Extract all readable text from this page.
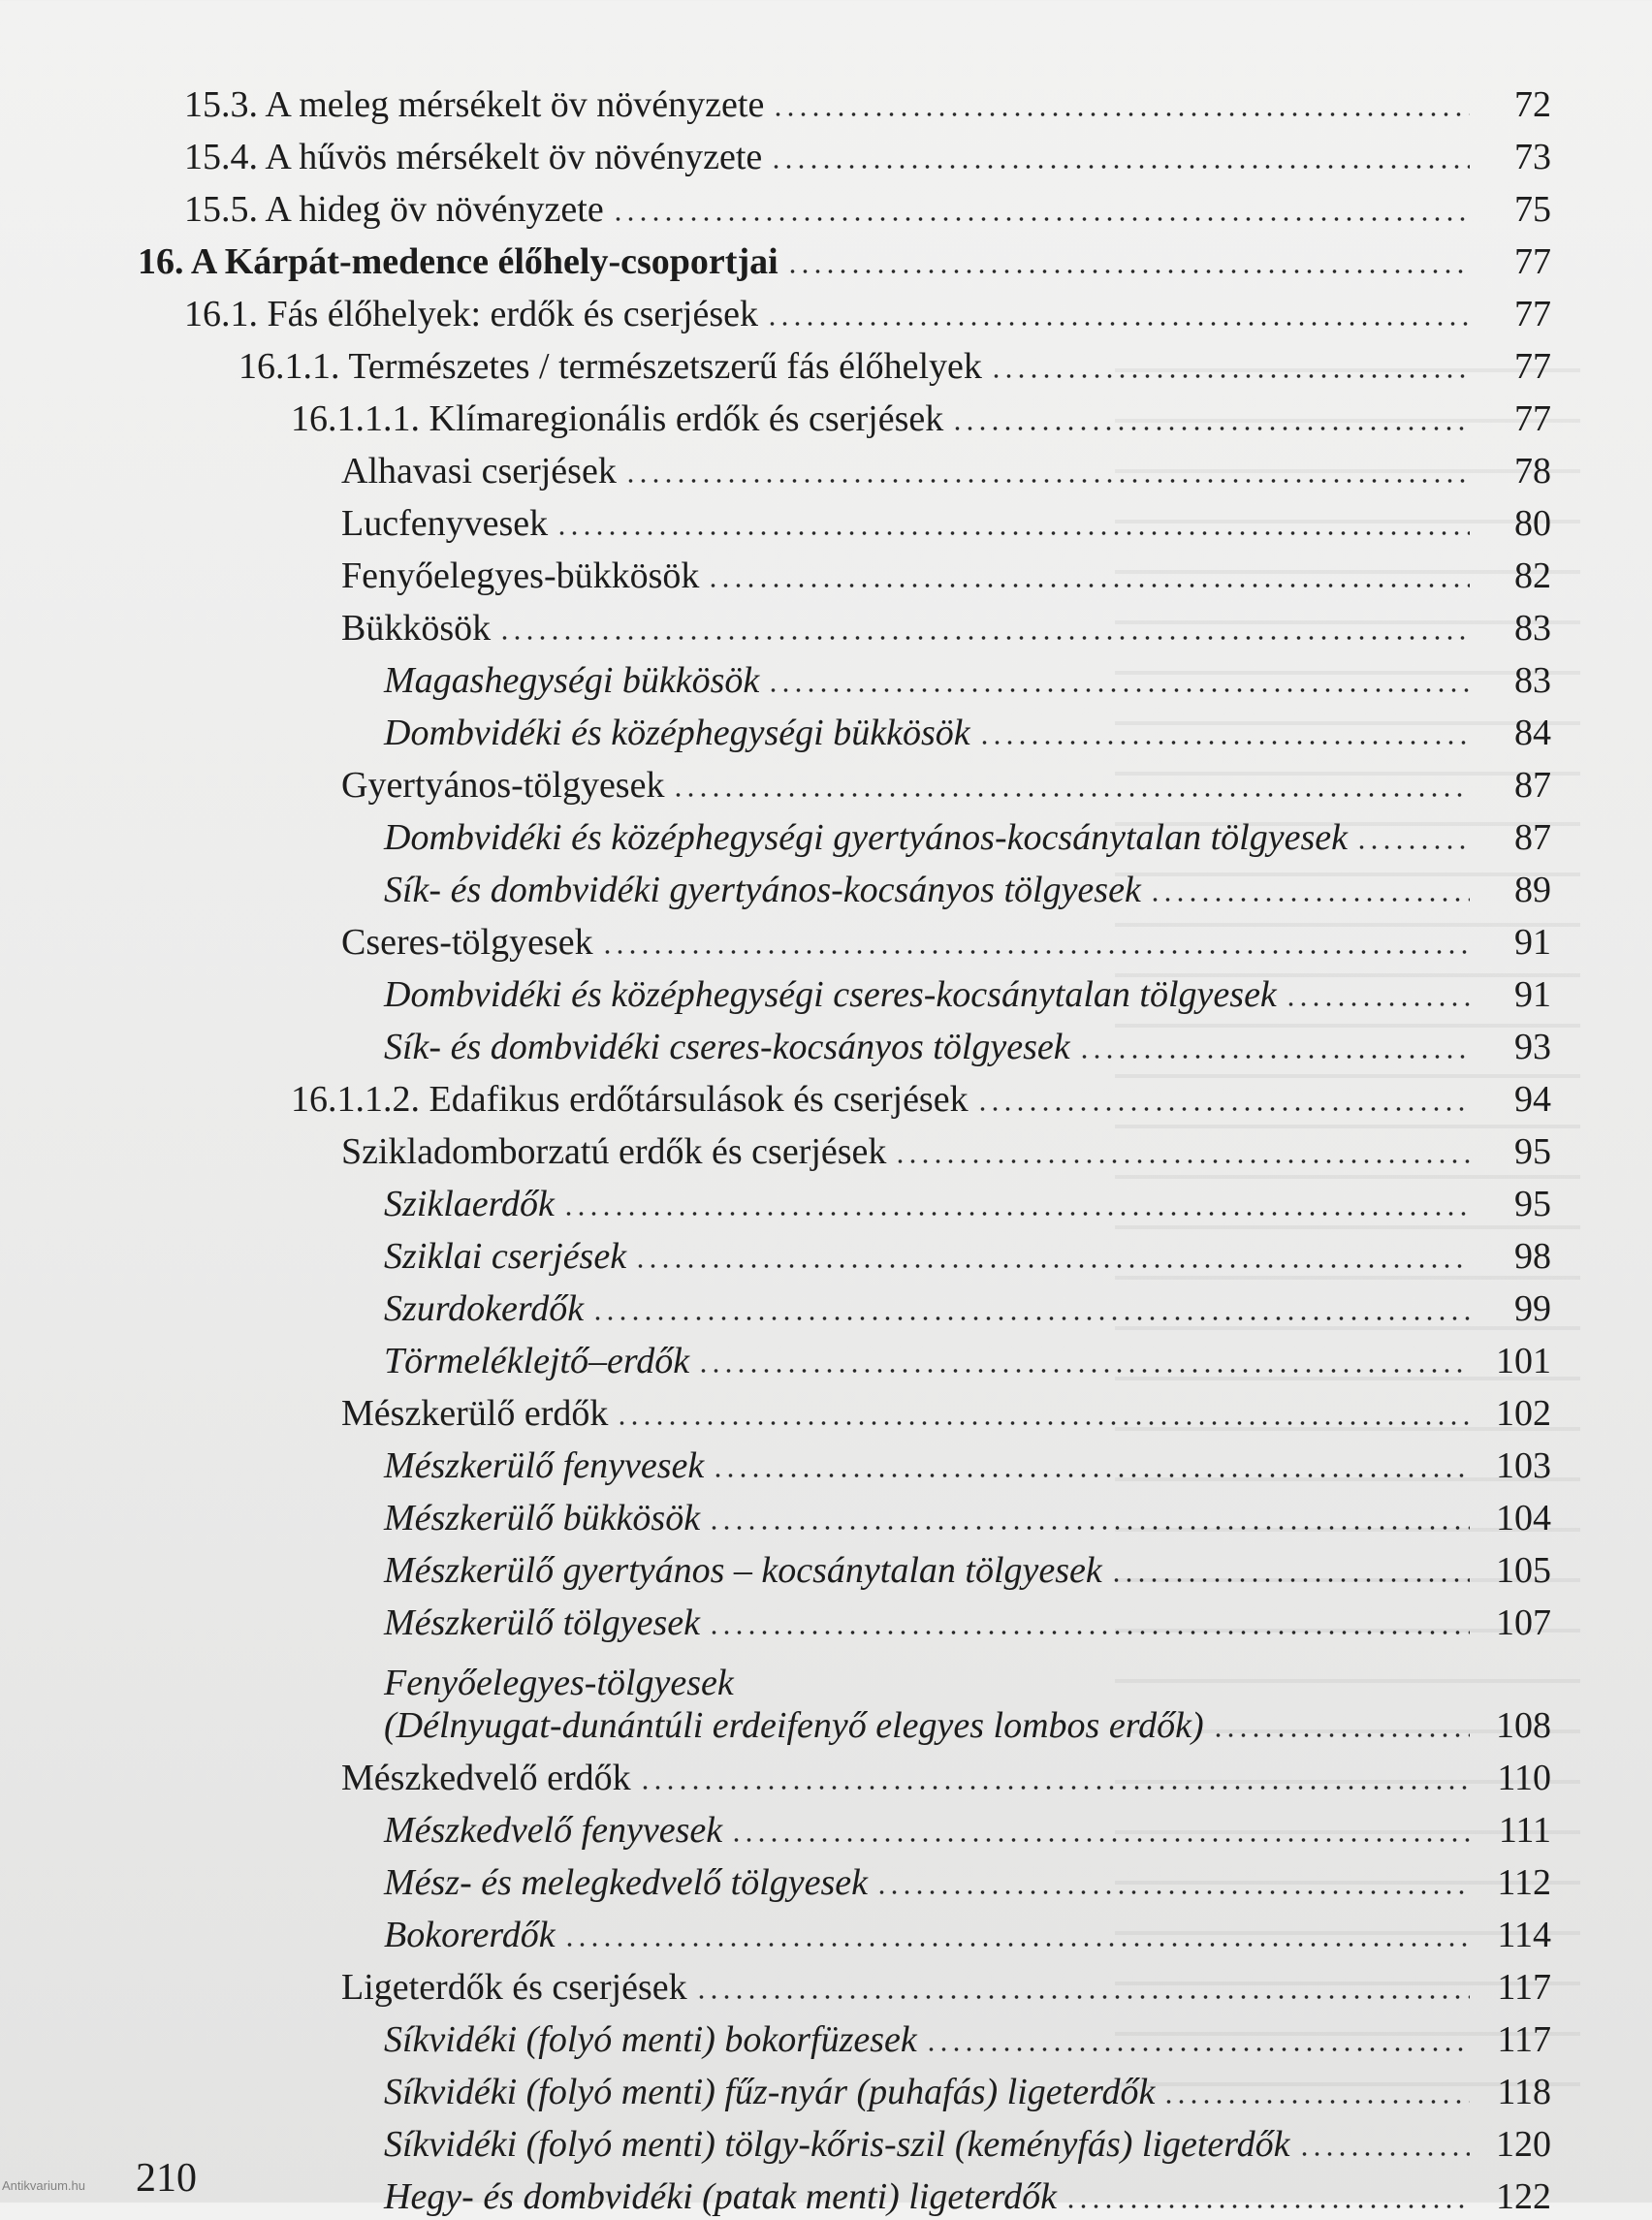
15.3. A meleg mérsékelt öv növényzete	72
15.4. A hűvös mérsékelt öv növényzete	73
15.5. A hideg öv növényzete	75
16. A Kárpát-medence élőhely-csoportjai	77
16.1. Fás élőhelyek: erdők és cserjések	77
16.1.1. Természetes / természetszerű fás élőhelyek	77
16.1.1.1. Klímaregionális erdők és cserjések	77
Alhavasi cserjések	78
Lucfenyvesek	80
Fenyőelegyes-bükkösök	82
Bükkösök	83
Magashegységi bükkösök	83
Dombvidéki és középhegységi bükkösök	84
Gyertyános-tölgyesek	87
Dombvidéki és középhegységi gyertyános-kocsánytalan tölgyesek	87
Sík- és dombvidéki gyertyános-kocsányos tölgyesek	89
Cseres-tölgyesek	91
Dombvidéki és középhegységi cseres-kocsánytalan tölgyesek	91
Sík- és dombvidéki cseres-kocsányos tölgyesek	93
16.1.1.2. Edafikus erdőtársulások és cserjések	94
Szikladomborzatú erdők és cserjések	95
Sziklaerdők	95
Sziklai cserjések	98
Szurdokerdők	99
Törmeléklejtő–erdők	101
Mészkerülő erdők	102
Mészkerülő fenyvesek	103
Mészkerülő bükkösök	104
Mészkerülő gyertyános – kocsánytalan tölgyesek	105
Mészkerülő tölgyesek	107
Fenyőelegyes-tölgyesek
(Délnyugat-dunántúli erdeifenyő elegyes lombos erdők)	108
Mészkedvelő erdők	110
Mészkedvelő fenyvesek	111
Mész- és melegkedvelő tölgyesek	112
Bokorerdők	114
Ligeterdők és cserjések	117
Síkvidéki (folyó menti) bokorfüzesek	117
Síkvidéki (folyó menti) fűz-nyár (puhafás) ligeterdők	118
Síkvidéki (folyó menti) tölgy-kőris-szil (keményfás) ligeterdők	120
Hegy- és dombvidéki (patak menti) ligeterdők	122
210
Antikvarium.hu
